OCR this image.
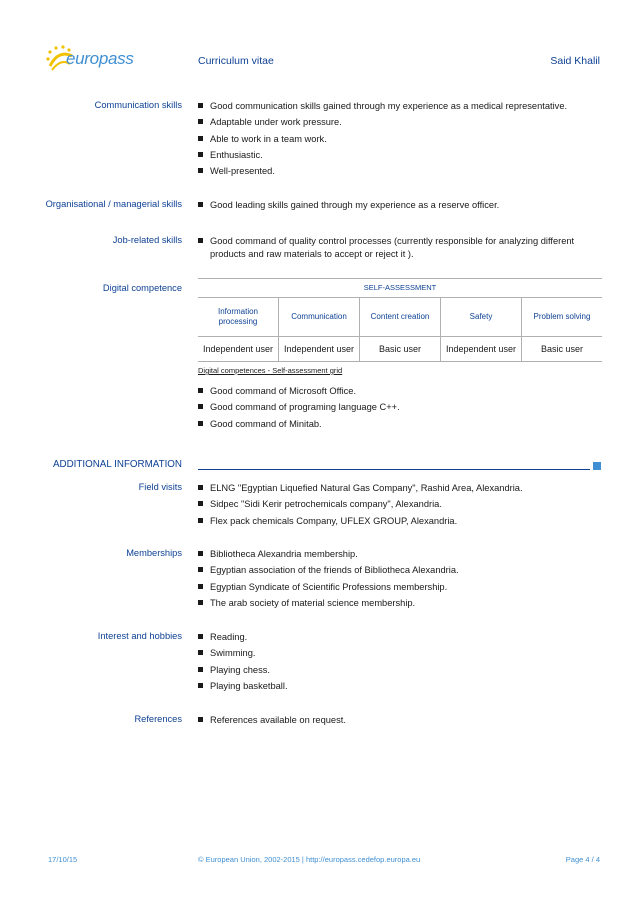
europass	Curriculum vitae	Said Khalil
Communication skills	Good communication skills gained through my experience as a medical representative.
Adaptable under work pressure.
Able to work in a team work.
Enthusiastic.
Well-presented.
Organisational / managerial skills	Good leading skills gained through my experience as a reserve officer.
Job-related skills	Good command of quality control processes (currently responsible for analyzing different products and raw materials to accept or reject it ).
Digital competence	SELF-ASSESSMENT
Information processing	Communication	Content creation	Safety	Problem solving
Independent user	Independent user	Basic user	Independent user	Basic user
Digital competences - Self-assessment grid
Good command of Microsoft Office.
Good command of programing language C++.
Good command of Minitab.
ADDITIONAL INFORMATION
Field visits	ELNG "Egyptian Liquefied Natural Gas Company", Rashid Area, Alexandria.
Sidpec "Sidi Kerir petrochemicals company", Alexandria.
Flex pack chemicals Company, UFLEX GROUP, Alexandria.
Memberships	Bibliotheca Alexandria membership.
Egyptian association of the friends of Bibliotheca Alexandria.
Egyptian Syndicate of Scientific Professions membership.
The arab society of material science membership.
Interest and hobbies	Reading.
Swimming.
Playing chess.
Playing basketball.
References	References available on request.
17/10/15	© European Union, 2002-2015 | http://europass.cedefop.europa.eu	Page 4 / 4
